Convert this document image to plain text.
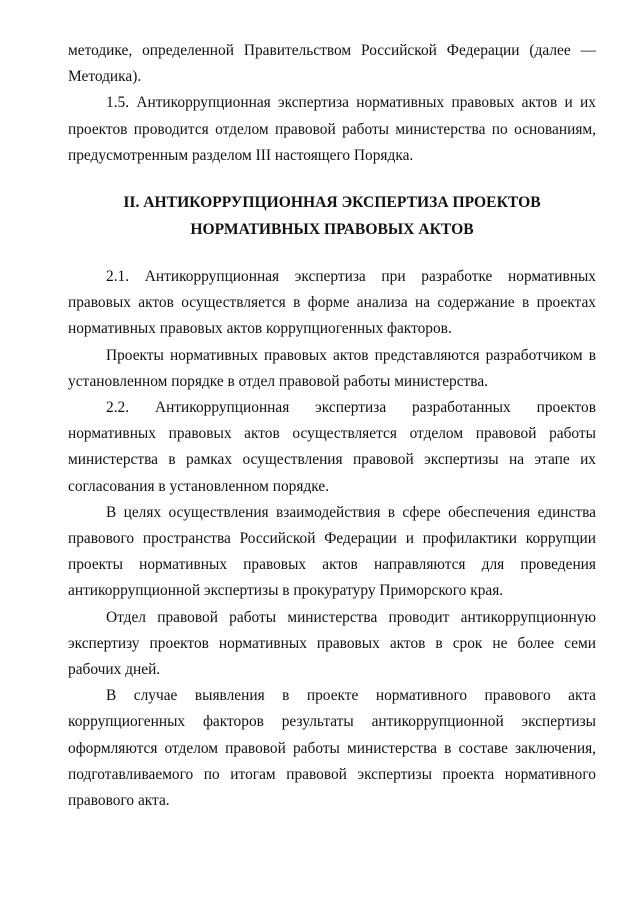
методике, определенной Правительством Российской Федерации (далее — Методика).

1.5. Антикоррупционная экспертиза нормативных правовых актов и их проектов проводится отделом правовой работы министерства по основаниям, предусмотренным разделом III настоящего Порядка.

II. АНТИКОРРУПЦИОННАЯ ЭКСПЕРТИЗА ПРОЕКТОВ
НОРМАТИВНЫХ ПРАВОВЫХ АКТОВ

2.1. Антикоррупционная экспертиза при разработке нормативных правовых актов осуществляется в форме анализа на содержание в проектах нормативных правовых актов коррупциогенных факторов.

Проекты нормативных правовых актов представляются разработчиком в установленном порядке в отдел правовой работы министерства.

2.2. Антикоррупционная экспертиза разработанных проектов нормативных правовых актов осуществляется отделом правовой работы министерства в рамках осуществления правовой экспертизы на этапе их согласования в установленном порядке.

В целях осуществления взаимодействия в сфере обеспечения единства правового пространства Российской Федерации и профилактики коррупции проекты нормативных правовых актов направляются для проведения антикоррупционной экспертизы в прокуратуру Приморского края.

Отдел правовой работы министерства проводит антикоррупционную экспертизу проектов нормативных правовых актов в срок не более семи рабочих дней.

В случае выявления в проекте нормативного правового акта коррупциогенных факторов результаты антикоррупционной экспертизы оформляются отделом правовой работы министерства в составе заключения, подготавливаемого по итогам правовой экспертизы проекта нормативного правового акта.
